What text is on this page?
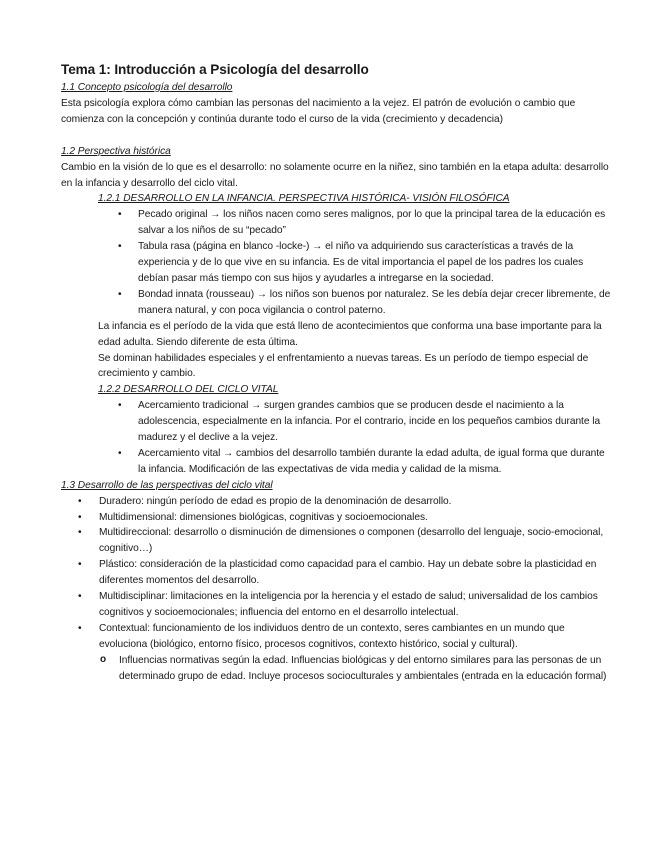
Tema 1: Introducción a Psicología del desarrollo

1.1 Concepto psicología del desarrollo

Esta psicología explora cómo cambian las personas del nacimiento a la vejez. El patrón de evolución o cambio que comienza con la concepción y continúa durante todo el curso de la vida (crecimiento y decadencia)

1.2 Perspectiva histórica

Cambio en la visión de lo que es el desarrollo: no solamente ocurre en la niñez, sino también en la etapa adulta: desarrollo en la infancia y desarrollo del ciclo vital.

1.2.1 DESARROLLO EN LA INFANCIA. PERSPECTIVA HISTÓRICA- VISIÓN FILOSÓFICA

• Pecado original → los niños nacen como seres malignos, por lo que la principal tarea de la educación es salvar a los niños de su “pecado”
• Tabula rasa (página en blanco -locke-) → el niño va adquiriendo sus características a través de la experiencia y de lo que vive en su infancia. Es de vital importancia el papel de los padres los cuales debían pasar más tiempo con sus hijos y ayudarles a intregarse en la sociedad.
• Bondad innata (rousseau) → los niños son buenos por naturalez. Se les debía dejar crecer libremente, de manera natural, y con poca vigilancia o control paterno.

La infancia es el período de la vida que está lleno de acontecimientos que conforma una base importante para la edad adulta. Siendo diferente de esta última.

Se dominan habilidades especiales y el enfrentamiento a nuevas tareas. Es un período de tiempo especial de crecimiento y cambio.

1.2.2 DESARROLLO DEL CICLO VITAL

• Acercamiento tradicional → surgen grandes cambios que se producen desde el nacimiento a la adolescencia, especialmente en la infancia. Por el contrario, incide en los pequeños cambios durante la madurez y el declive a la vejez.
• Acercamiento vital → cambios del desarrollo también durante la edad adulta, de igual forma que durante la infancia. Modificación de las expectativas de vida media y calidad de la misma.

1.3 Desarrollo de las perspectivas del ciclo vital

• Duradero: ningún período de edad es propio de la denominación de desarrollo.
• Multidimensional: dimensiones biológicas, cognitivas y socioemocionales.
• Multidireccional: desarrollo o disminución de dimensiones o componen (desarrollo del lenguaje, socio-emocional, cognitivo…)
• Plástico: consideración de la plasticidad como capacidad para el cambio. Hay un debate sobre la plasticidad en diferentes momentos del desarrollo.
• Multidisciplinar: limitaciones en la inteligencia por la herencia y el estado de salud; universalidad de los cambios cognitivos y socioemocionales; influencia del entorno en el desarrollo intelectual.
• Contextual: funcionamiento de los individuos dentro de un contexto, seres cambiantes en un mundo que evoluciona (biológico, entorno físico, procesos cognitivos, contexto histórico, social y cultural).
o Influencias normativas según la edad. Influencias biológicas y del entorno similares para las personas de un determinado grupo de edad. Incluye procesos socioculturales y ambientales (entrada en la educación formal)
